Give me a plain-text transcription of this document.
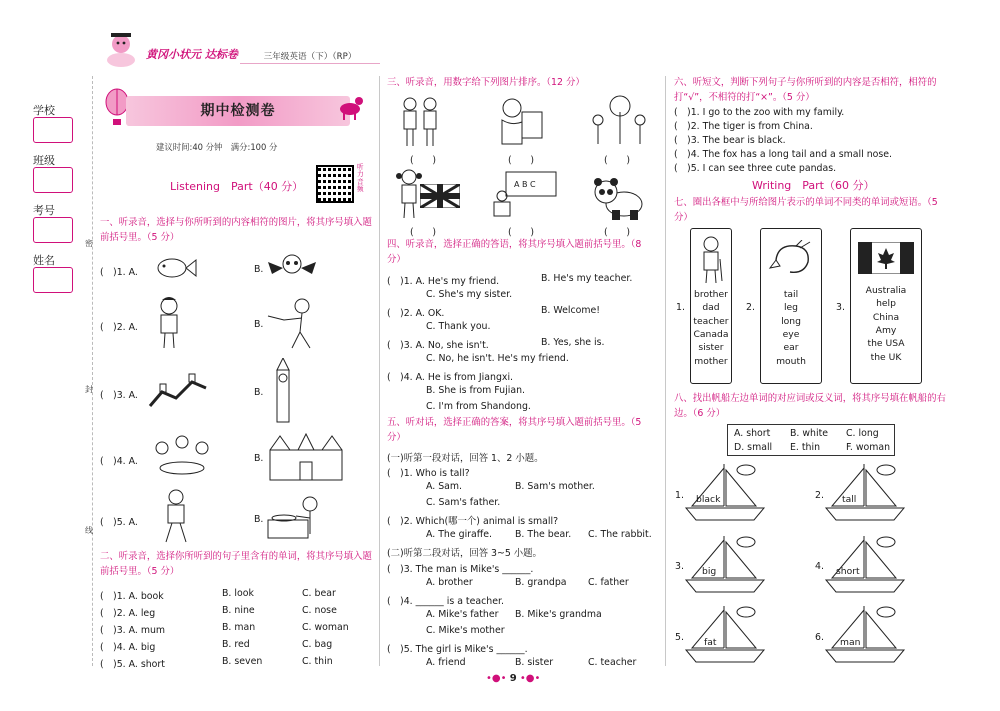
黄冈小状元 达标卷	三年级英语（下）（RP）
学校
班级
考号
姓名
密
封
线
期中检测卷
建议时间:40 分钟　满分:100 分
Listening　Part（40 分）
听力音频
一、听录音，选择与你所听到的内容相符的图片，将其序号填入题前括号里。（5 分）
(　)1. A.	B.
(　)2. A.	B.
(　)3. A.	B.
(　)4. A.	B.
(　)5. A.	B.
二、听录音，选择你所听到的句子里含有的单词，将其序号填入题前括号里。（5 分）
(　)1. A. book	B. look	C. bear
(　)2. A. leg	B. nine	C. nose
(　)3. A. mum	B. man	C. woman
(　)4. A. big	B. red	C. bag
(　)5. A. short	B. seven	C. thin
三、听录音，用数字给下列图片排序。（12 分）
(　　)	(　　)	(　　)
A B C
(　　)	(　　)	(　　)
四、听录音，选择正确的答语，将其序号填入题前括号里。（8 分）
(　)1. A. He's my friend.	B. He's my teacher.
C. She's my sister.
(　)2. A. OK.	B. Welcome!
C. Thank you.
(　)3. A. No, she isn't.	B. Yes, she is.
C. No, he isn't. He's my friend.
(　)4. A. He is from Jiangxi.
B. She is from Fujian.
C. I'm from Shandong.
五、听对话，选择正确的答案，将其序号填入题前括号里。（5 分）
(一)听第一段对话，回答 1、2 小题。
(　)1. Who is tall?
A. Sam.	B. Sam's mother.
C. Sam's father.
(　)2. Which(哪一个) animal is small?
A. The giraffe. B. The bear. C. The rabbit.
(二)听第二段对话，回答 3~5 小题。
(　)3. The man is Mike's ______.
A. brother	B. grandpa C. father
(　)4. ______ is a teacher.
A. Mike's father B. Mike's grandma
C. Mike's mother
(　)5. The girl is Mike's ______.
A. friend	B. sister	C. teacher
六、听短文，判断下列句子与你所听到的内容是否相符，相符的打“√”，不相符的打“×”。（5 分）
(　)1. I go to the zoo with my family.
(　)2. The tiger is from China.
(　)3. The bear is black.
(　)4. The fox has a long tail and a small nose.
(　)5. I can see three cute pandas.
Writing　Part（60 分）
七、圈出各框中与所给图片表示的单词不同类的单词或短语。（5 分）
1.
brother
dad
teacher
Canada
sister
mother
2.
tail
leg
long
eye
ear
mouth
3.
Australia
help
China
Amy
the USA
the UK
八、找出帆船左边单词的对应词或反义词，将其序号填在帆船的右边。（6 分）
A. short B. white C. long
D. small E. thin	F. woman
1. black	2. tall
3. big	4. short
5. fat	6. man
•●• 9 •●•
